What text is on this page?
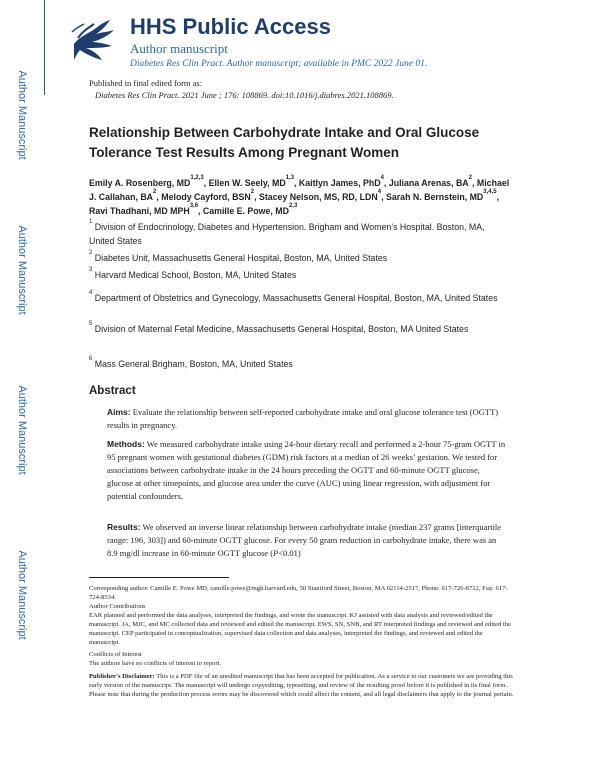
Author Manuscript
Author Manuscript
Author Manuscript
Author Manuscript
HHS Public Access
Author manuscript
Diabetes Res Clin Pract. Author manuscript; available in PMC 2022 June 01.
Published in final edited form as:
Diabetes Res Clin Pract. 2021 June ; 176: 108869. doi:10.1016/j.diabres.2021.108869.
Relationship Between Carbohydrate Intake and Oral Glucose Tolerance Test Results Among Pregnant Women
Emily A. Rosenberg, MD$^{1,2,3}$, Ellen W. Seely, MD$^{1,3}$, Kaitlyn James, PhD$^4$, Juliana Arenas, $BA^2$, Michael J. Callahan, $BA^2$, Melody Cayford, BSN$^2$, Stacey Nelson, MS, RD, LDN$^4$, Sarah N. Bernstein, MD$^{3,4,5}$, Ravi Thadhani, MD MPH$^{3,6}$, Camille E. Powe, MD$^{2,3}$
$^1$ Division of Endocrinology, Diabetes and Hypertension. Brigham and Women’s Hospital. Boston, MA, United States
$^2$ Diabetes Unit, Massachusetts General Hospital, Boston, MA, United States
$^3$ Harvard Medical School, Boston, MA, United States
$^4$ Department of Obstetrics and Gynecology, Massachusetts General Hospital, Boston, MA, United States
$^5$ Division of Maternal Fetal Medicine, Massachusetts General Hospital, Boston, MA United States
$^6$ Mass General Brigham, Boston, MA, United States
Abstract
Aims: Evaluate the relationship between self-reported carbohydrate intake and oral glucose tolerance test (OGTT) results in pregnancy.
Methods: We measured carbohydrate intake using 24-hour dietary recall and performed a 2-hour 75-gram OGTT in 95 pregnant women with gestational diabetes (GDM) risk factors at a median of 26 weeks’ gestation. We tested for associations between carbohydrate intake in the 24 hours preceding the OGTT and 60-minute OGTT glucose, glucose at other timepoints, and glucose area under the curve (AUC) using linear regression, with adjustment for potential confounders.
Results: We observed an inverse linear relationship between carbohydrate intake (median 237 grams [interquartile range: 196, 303]) and 60-minute OGTT glucose. For every 50 gram reduction in carbohydrate intake, there was an 8.9 mg/dl increase in 60-minute OGTT glucose (P<0.01)
Corresponding author: Camille E. Powe MD, camille.powe@mgh.harvard.edu, 50 Staniford Street, Boston, MA 02114-2517, Phone: 617-726-8722, Fax: 617-724-8534.
Author Contributions
EAR planned and performed the data analyses, interpreted the findings, and wrote the manuscript. KJ assisted with data analysis and reviewed/edited the manuscript. JA, MJC, and MC collected data and reviewed and edited the manuscript. EWS, SN, SNB, and RT interpreted findings and reviewed and edited the manuscript. CEP participated in conceptualization, supervised data collection and data analyses, interpreted the findings, and reviewed and edited the manuscript.
Conflicts of Interest
The authors have no conflicts of interest to report.
Publisher's Disclaimer: This is a PDF file of an unedited manuscript that has been accepted for publication. As a service to our customers we are providing this early version of the manuscript. The manuscript will undergo copyediting, typesetting, and review of the resulting proof before it is published in its final form. Please note that during the production process errors may be discovered which could affect the content, and all legal disclaimers that apply to the journal pertain.
